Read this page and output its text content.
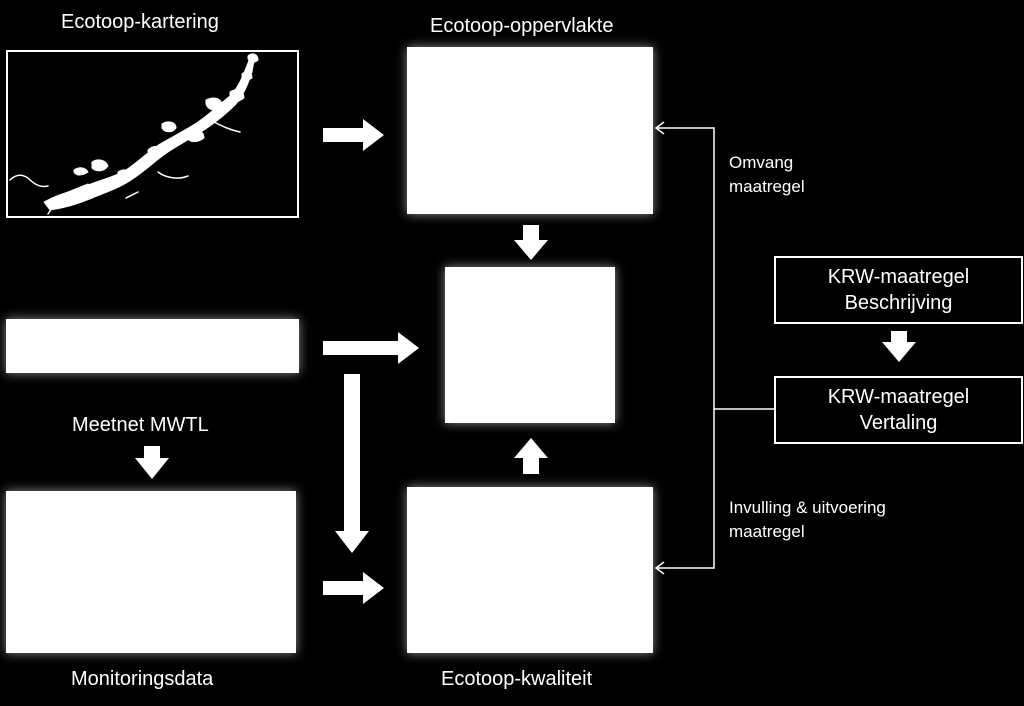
Ecotoop-kartering	Ecotoop-oppervlakte
Meetnet MWTL
Monitoringsdata	Ecotoop-kwaliteit
KRW-maatregel
Beschrijving
KRW-maatregel
Vertaling
Omvang
maatregel
Invulling & uitvoering
maatregel
